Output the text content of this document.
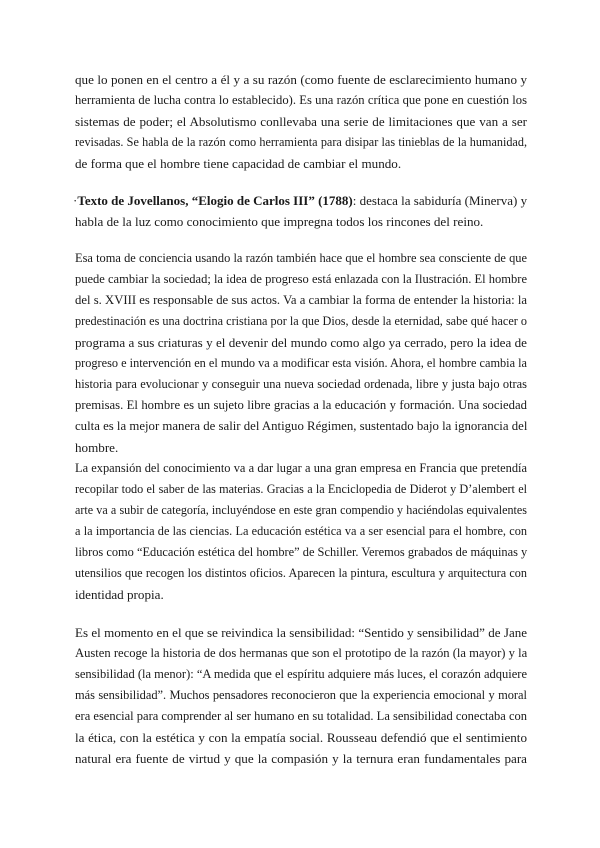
que lo ponen en el centro a él y a su razón (como fuente de esclarecimiento humano y
herramienta de lucha contra lo establecido). Es una razón crítica que pone en cuestión los
sistemas de poder; el Absolutismo conllevaba una serie de limitaciones que van a ser
revisadas. Se habla de la razón como herramienta para disipar las tinieblas de la humanidad,
de forma que el hombre tiene capacidad de cambiar el mundo.
· Texto de Jovellanos, “Elogio de Carlos III” (1788): destaca la sabiduría (Minerva) y
habla de la luz como conocimiento que impregna todos los rincones del reino.
Esa toma de conciencia usando la razón también hace que el hombre sea consciente de que
puede cambiar la sociedad; la idea de progreso está enlazada con la Ilustración. El hombre
del s. XVIII es responsable de sus actos. Va a cambiar la forma de entender la historia: la
predestinación es una doctrina cristiana por la que Dios, desde la eternidad, sabe qué hacer o
programa a sus criaturas y el devenir del mundo como algo ya cerrado, pero la idea de
progreso e intervención en el mundo va a modificar esta visión. Ahora, el hombre cambia la
historia para evolucionar y conseguir una nueva sociedad ordenada, libre y justa bajo otras
premisas. El hombre es un sujeto libre gracias a la educación y formación. Una sociedad
culta es la mejor manera de salir del Antiguo Régimen, sustentado bajo la ignorancia del
hombre.
La expansión del conocimiento va a dar lugar a una gran empresa en Francia que pretendía
recopilar todo el saber de las materias. Gracias a la Enciclopedia de Diderot y D’alembert el
arte va a subir de categoría, incluyéndose en este gran compendio y haciéndolas equivalentes
a la importancia de las ciencias. La educación estética va a ser esencial para el hombre, con
libros como “Educación estética del hombre” de Schiller. Veremos grabados de máquinas y
utensilios que recogen los distintos oficios. Aparecen la pintura, escultura y arquitectura con
identidad propia.
Es el momento en el que se reivindica la sensibilidad: “Sentido y sensibilidad” de Jane
Austen recoge la historia de dos hermanas que son el prototipo de la razón (la mayor) y la
sensibilidad (la menor): “A medida que el espíritu adquiere más luces, el corazón adquiere
más sensibilidad”. Muchos pensadores reconocieron que la experiencia emocional y moral
era esencial para comprender al ser humano en su totalidad. La sensibilidad conectaba con
la ética, con la estética y con la empatía social. Rousseau defendió que el sentimiento
natural era fuente de virtud y que la compasión y la ternura eran fundamentales para
